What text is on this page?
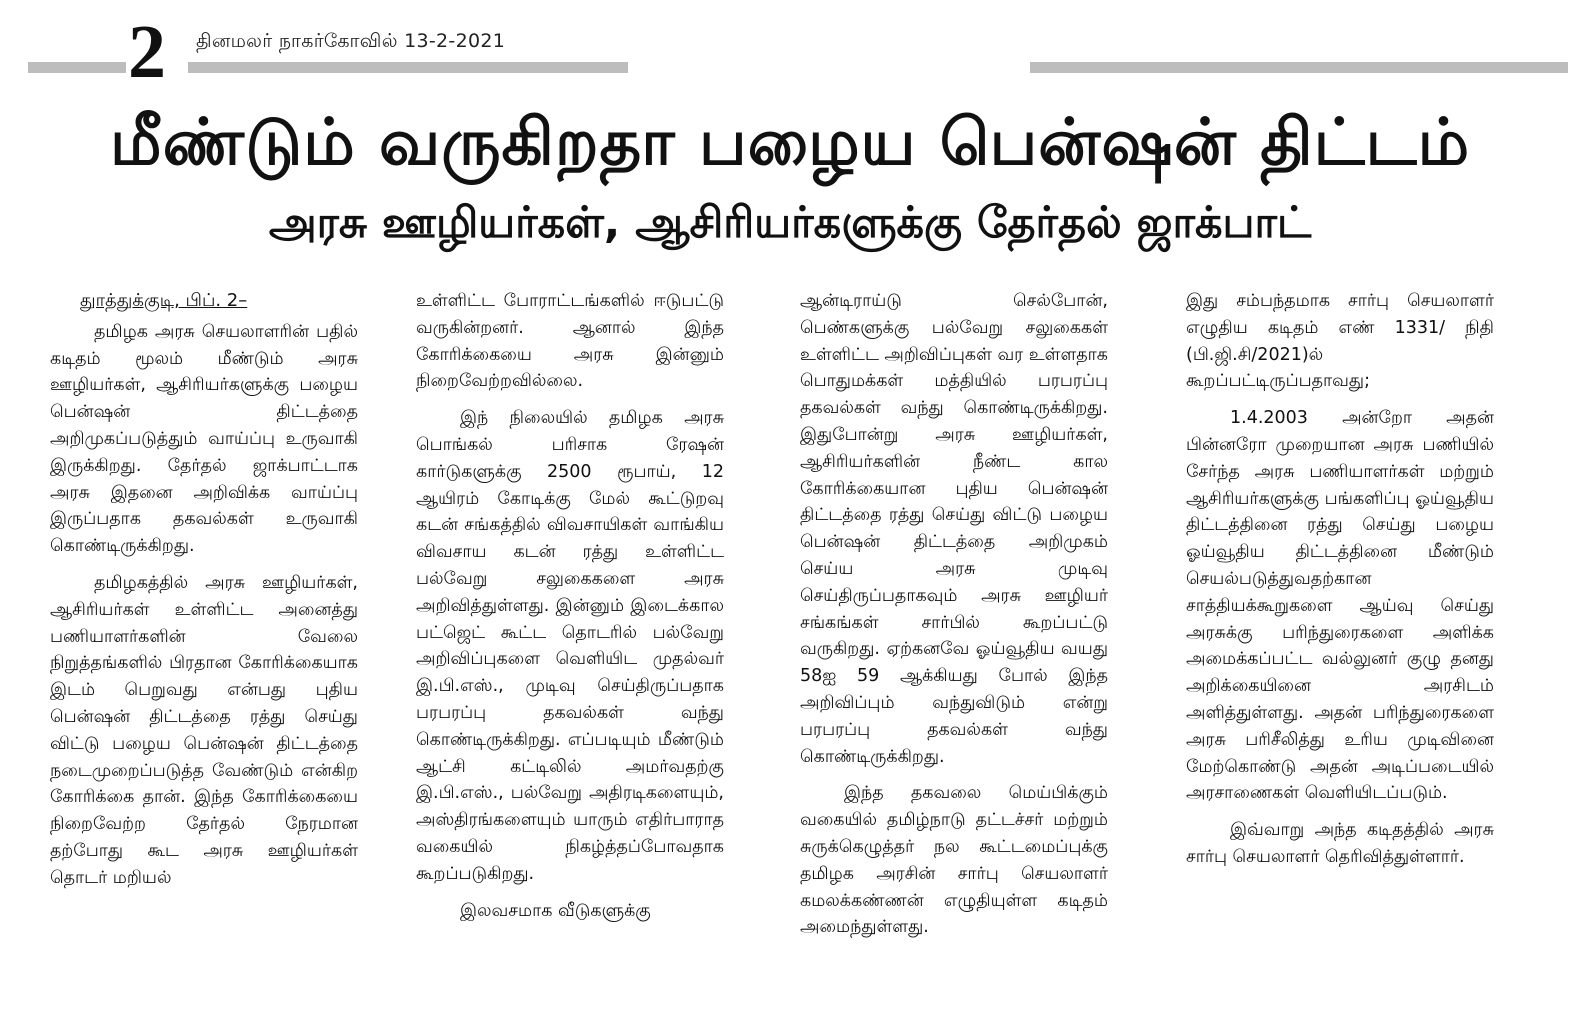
2 தினமலர் நாகர்கோவில் 13-2-2021
மீண்டும் வருகிறதா பழைய பென்ஷன் திட்டம்
அரசு ஊழியர்கள், ஆசிரியர்களுக்கு தேர்தல் ஜாக்பாட்
துாத்துக்குடி, பிப். 2–

தமிழக அரசு செயலாளரின் பதில் கடிதம் மூலம் மீண்டும் அரசு ஊழியர்கள், ஆசிரியர்களுக்கு பழைய பென்ஷன் திட்டத்தை அறிமுகப்படுத்தும் வாய்ப்பு உருவாகி இருக்கிறது. தேர்தல் ஜாக்பாட்டாக அரசு இதனை அறிவிக்க வாய்ப்பு இருப்பதாக தகவல்கள் உருவாகி கொண்டிருக்கிறது.

தமிழகத்தில் அரசு ஊழியர்கள், ஆசிரியர்கள் உள்ளிட்ட அனைத்து பணியாளர்களின் வேலை நிறுத்தங்களில் பிரதான கோரிக்கையாக இடம் பெறுவது என்பது புதிய பென்ஷன் திட்டத்தை ரத்து செய்து விட்டு பழைய பென்ஷன் திட்டத்தை நடைமுறைப்படுத்த வேண்டும் என்கிற கோரிக்கை தான். இந்த கோரிக்கையை நிறைவேற்ற தேர்தல் நேரமான தற்போது கூட அரசு ஊழியர்கள் தொடர் மறியல்

உள்ளிட்ட போராட்டங்களில் ஈடுபட்டு வருகின்றனர். ஆனால் இந்த கோரிக்கையை அரசு இன்னும் நிறைவேற்றவில்லை.

இந் நிலையில் தமிழக அரசு பொங்கல் பரிசாக ரேஷன் கார்டுகளுக்கு 2500 ரூபாய், 12 ஆயிரம் கோடிக்கு மேல் கூட்டுறவு கடன் சங்கத்தில் விவசாயிகள் வாங்கிய விவசாய கடன் ரத்து உள்ளிட்ட பல்வேறு சலுகைகளை அரசு அறிவித்துள்ளது. இன்னும் இடைக்கால பட்ஜெட் கூட்ட தொடரில் பல்வேறு அறிவிப்புகளை வெளியிட முதல்வர் இ.பி.எஸ்., முடிவு செய்திருப்பதாக பரபரப்பு தகவல்கள் வந்து கொண்டிருக்கிறது. எப்படியும் மீண்டும் ஆட்சி கட்டிலில் அமர்வதற்கு இ.பி.எஸ்., பல்வேறு அதிரடிகளையும், அஸ்திரங்களையும் யாரும் எதிர்பாராத வகையில் நிகழ்த்தப்போவதாக கூறப்படுகிறது.

இலவசமாக வீடுகளுக்கு

ஆன்டிராய்டு செல்போன், பெண்களுக்கு பல்வேறு சலுகைகள் உள்ளிட்ட அறிவிப்புகள் வர உள்ளதாக பொதுமக்கள் மத்தியில் பரபரப்பு தகவல்கள் வந்து கொண்டிருக்கிறது. இதுபோன்று அரசு ஊழியர்கள், ஆசிரியர்களின் நீண்ட கால கோரிக்கையான புதிய பென்ஷன் திட்டத்தை ரத்து செய்து விட்டு பழைய பென்ஷன் திட்டத்தை அறிமுகம் செய்ய அரசு முடிவு செய்திருப்பதாகவும் அரசு ஊழியர் சங்கங்கள் சார்பில் கூறப்பட்டு வருகிறது. ஏற்கனவே ஓய்வூதிய வயது 58ஐ 59 ஆக்கியது போல் இந்த அறிவிப்பும் வந்துவிடும் என்று பரபரப்பு தகவல்கள் வந்து கொண்டிருக்கிறது.

இந்த தகவலை மெய்பிக்கும் வகையில் தமிழ்நாடு தட்டச்சர் மற்றும் சுருக்கெழுத்தர் நல கூட்டமைப்புக்கு தமிழக அரசின் சார்பு செயலாளர் கமலக்கண்ணன் எழுதியுள்ள கடிதம் அமைந்துள்ளது.

இது சம்பந்தமாக சார்பு செயலாளர் எழுதிய கடிதம் எண் 1331/ நிதி (பி.ஜி.சி/2021)ல் கூறப்பட்டிருப்பதாவது;

1.4.2003 அன்றோ அதன் பின்னரோ முறையான அரசு பணியில் சேர்ந்த அரசு பணியாளர்கள் மற்றும் ஆசிரியர்களுக்கு பங்களிப்பு ஓய்வூதிய திட்டத்தினை ரத்து செய்து பழைய ஓய்வூதிய திட்டத்தினை மீண்டும் செயல்படுத்துவதற்கான சாத்தியக்கூறுகளை ஆய்வு செய்து அரசுக்கு பரிந்துரைகளை அளிக்க அமைக்கப்பட்ட வல்லுனர் குழு தனது அறிக்கையினை அரசிடம் அளித்துள்ளது. அதன் பரிந்துரைகளை அரசு பரிசீலித்து உரிய முடிவினை மேற்கொண்டு அதன் அடிப்படையில் அரசாணைகள் வெளியிடப்படும்.

இவ்வாறு அந்த கடிதத்தில் அரசு சார்பு செயலாளர் தெரிவித்துள்ளார்.
